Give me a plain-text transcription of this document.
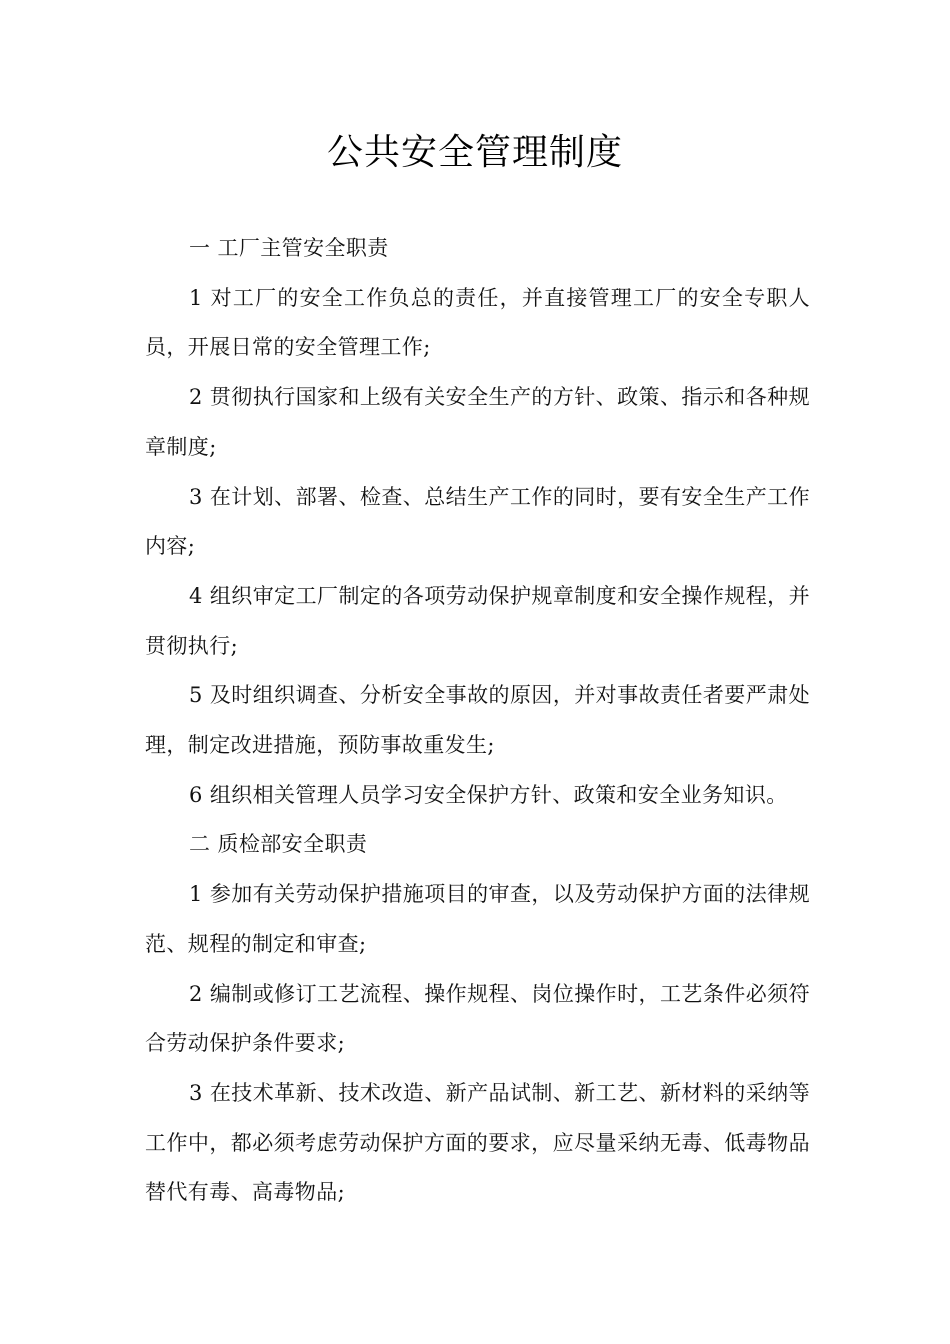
公共安全管理制度

一 工厂主管安全职责

1 对工厂的安全工作负总的责任，并直接管理工厂的安全专职人员，开展日常的安全管理工作;

2 贯彻执行国家和上级有关安全生产的方针、政策、指示和各种规章制度;

3 在计划、部署、检查、总结生产工作的同时，要有安全生产工作内容;

4 组织审定工厂制定的各项劳动保护规章制度和安全操作规程，并贯彻执行;

5 及时组织调查、分析安全事故的原因，并对事故责任者要严肃处理，制定改进措施，预防事故重发生;

6 组织相关管理人员学习安全保护方针、政策和安全业务知识。

二 质检部安全职责

1 参加有关劳动保护措施项目的审查，以及劳动保护方面的法律规范、规程的制定和审查;

2 编制或修订工艺流程、操作规程、岗位操作时，工艺条件必须符合劳动保护条件要求;

3 在技术革新、技术改造、新产品试制、新工艺、新材料的采纳等工作中，都必须考虑劳动保护方面的要求，应尽量采纳无毒、低毒物品替代有毒、高毒物品;
